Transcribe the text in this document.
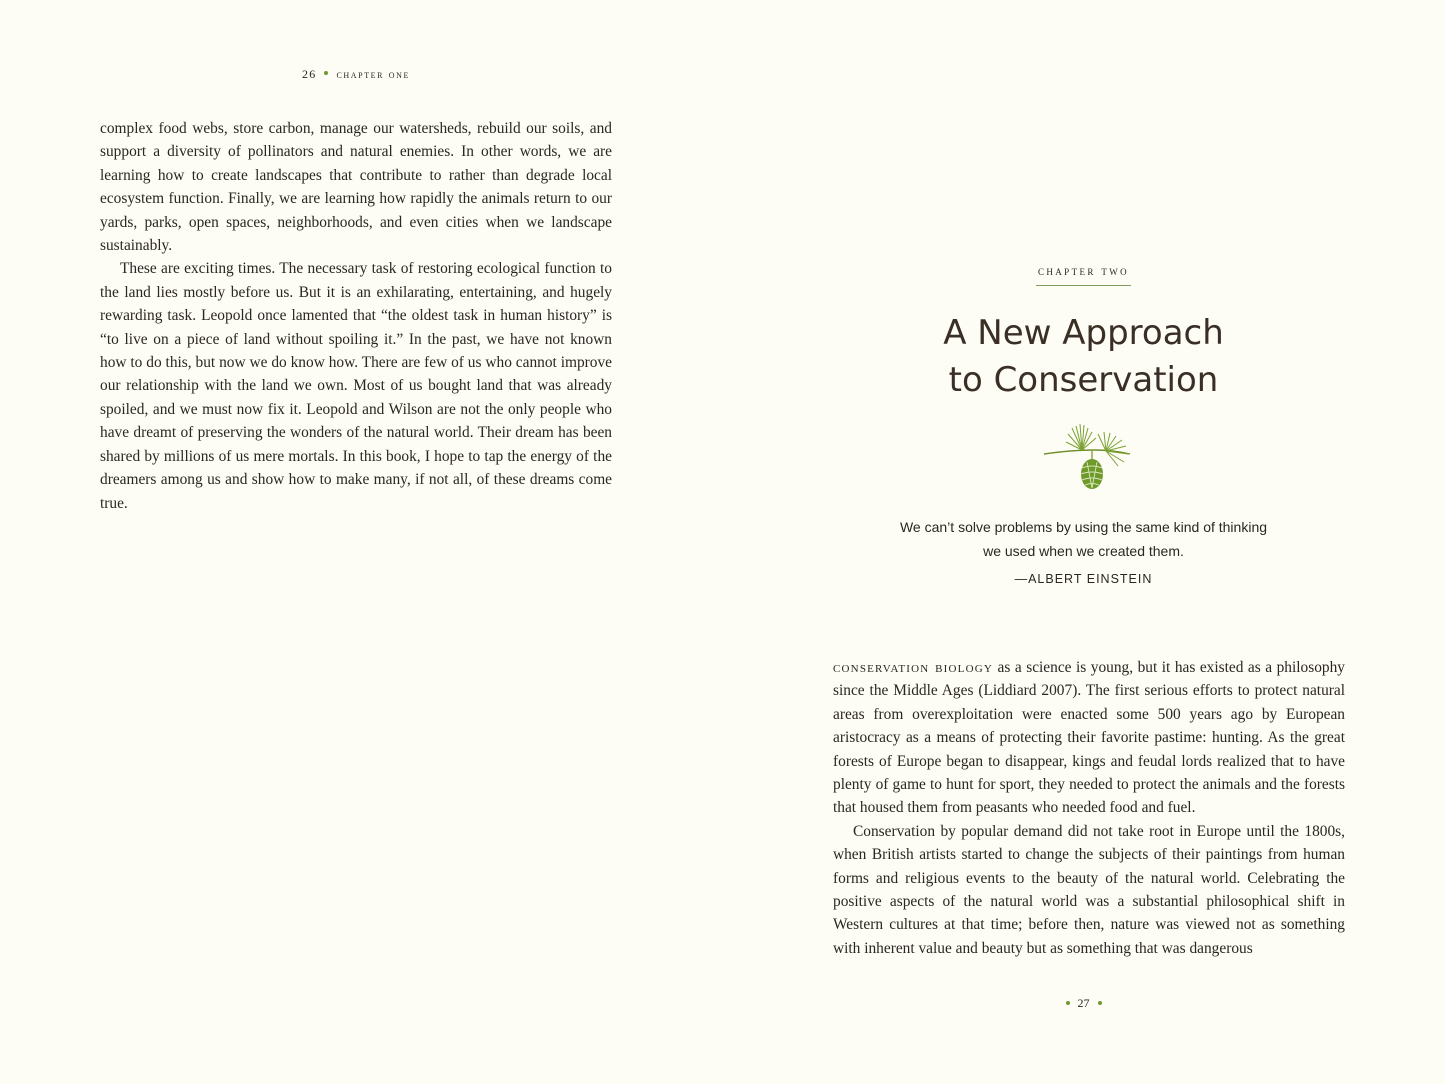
26 chapter one

complex food webs, store carbon, manage our watersheds, rebuild our soils, and support a diversity of pollinators and natural enemies. In other words, we are learning how to create landscapes that contribute to rather than degrade local ecosystem function. Finally, we are learning how rapidly the animals return to our yards, parks, open spaces, neighborhoods, and even cities when we landscape sustainably.

These are exciting times. The necessary task of restoring ecological function to the land lies mostly before us. But it is an exhilarating, entertaining, and hugely rewarding task. Leopold once lamented that “the oldest task in human history” is “to live on a piece of land without spoiling it.” In the past, we have not known how to do this, but now we do know how. There are few of us who cannot improve our relationship with the land we own. Most of us bought land that was already spoiled, and we must now fix it. Leopold and Wilson are not the only people who have dreamt of preserving the wonders of the natural world. Their dream has been shared by millions of us mere mortals. In this book, I hope to tap the energy of the dreamers among us and show how to make many, if not all, of these dreams come true.

chapter two
A New Approach
to Conservation
We can’t solve problems by using the same kind of thinking
we used when we created them.
—ALBERT EINSTEIN

conservation biology as a science is young, but it has existed as a philosophy since the Middle Ages (Liddiard 2007). The first serious efforts to protect natural areas from overexploitation were enacted some 500 years ago by European aristocracy as a means of protecting their favorite pastime: hunting. As the great forests of Europe began to disappear, kings and feudal lords realized that to have plenty of game to hunt for sport, they needed to protect the animals and the forests that housed them from peasants who needed food and fuel.

Conservation by popular demand did not take root in Europe until the 1800s, when British artists started to change the subjects of their paintings from human forms and religious events to the beauty of the natural world. Celebrating the positive aspects of the natural world was a substantial philosophical shift in Western cultures at that time; before then, nature was viewed not as something with inherent value and beauty but as something that was dangerous

27
